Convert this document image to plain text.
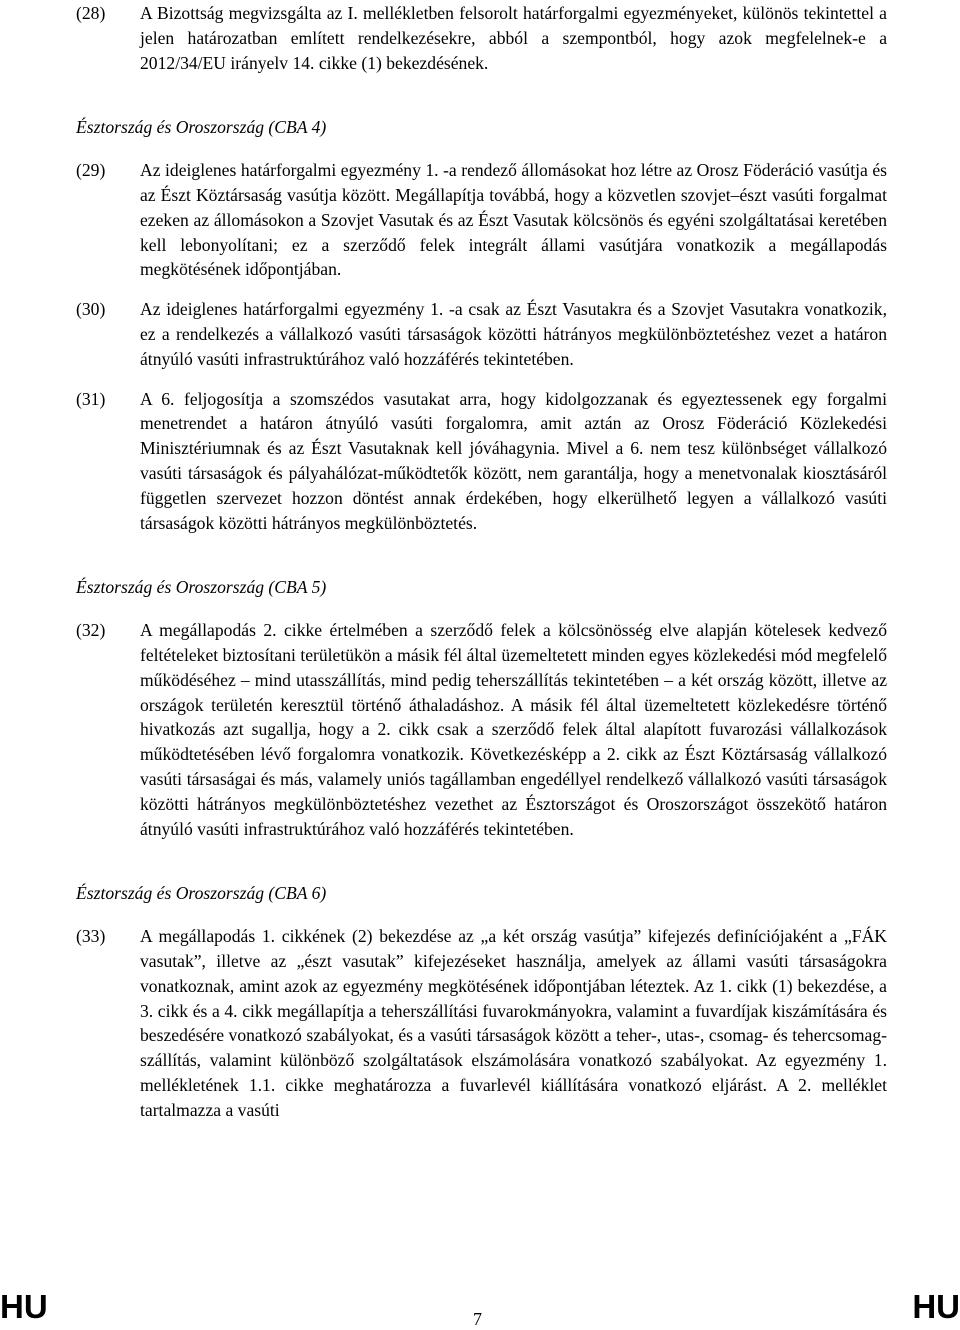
(28)	A Bizottság megvizsgálta az I. mellékletben felsorolt határforgalmi egyezményeket, különös tekintettel a jelen határozatban említett rendelkezésekre, abból a szempontból, hogy azok megfelelnek-e a 2012/34/EU irányelv 14. cikke (1) bekezdésének.
Észtország és Oroszország (CBA 4)
(29)	Az ideiglenes határforgalmi egyezmény 1. -a rendező állomásokat hoz létre az Orosz Föderáció vasútja és az Észt Köztársaság vasútja között. Megállapítja továbbá, hogy a közvetlen szovjet–észt vasúti forgalmat ezeken az állomásokon a Szovjet Vasutak és az Észt Vasutak kölcsönös és egyéni szolgáltatásai keretében kell lebonyolítani; ez a szerződő felek integrált állami vasútjára vonatkozik a megállapodás megkötésének időpontjában.
(30)	Az ideiglenes határforgalmi egyezmény 1. -a csak az Észt Vasutakra és a Szovjet Vasutakra vonatkozik, ez a rendelkezés a vállalkozó vasúti társaságok közötti hátrányos megkülönböztetéshez vezet a határon átnyúló vasúti infrastruktúrához való hozzáférés tekintetében.
(31)	A 6. feljogosítja a szomszédos vasutakat arra, hogy kidolgozzanak és egyeztessenek egy forgalmi menetrendet a határon átnyúló vasúti forgalomra, amit aztán az Orosz Föderáció Közlekedési Minisztériumnak és az Észt Vasutaknak kell jóváhagynia. Mivel a 6. nem tesz különbséget vállalkozó vasúti társaságok és pályahálózat-működtetők között, nem garantálja, hogy a menetvonalak kiosztásáról független szervezet hozzon döntést annak érdekében, hogy elkerülhető legyen a vállalkozó vasúti társaságok közötti hátrányos megkülönböztetés.
Észtország és Oroszország (CBA 5)
(32)	A megállapodás 2. cikke értelmében a szerződő felek a kölcsönösség elve alapján kötelesek kedvező feltételeket biztosítani területükön a másik fél által üzemeltetett minden egyes közlekedési mód megfelelő működéséhez – mind utasszállítás, mind pedig teherszállítás tekintetében – a két ország között, illetve az országok területén keresztül történő áthaladáshoz. A másik fél által üzemeltetett közlekedésre történő hivatkozás azt sugallja, hogy a 2. cikk csak a szerződő felek által alapított fuvarozási vállalkozások működtetésében lévő forgalomra vonatkozik. Következésképp a 2. cikk az Észt Köztársaság vállalkozó vasúti társaságai és más, valamely uniós tagállamban engedéllyel rendelkező vállalkozó vasúti társaságok közötti hátrányos megkülönböztetéshez vezethet az Észtországot és Oroszországot összekötő határon átnyúló vasúti infrastruktúrához való hozzáférés tekintetében.
Észtország és Oroszország (CBA 6)
(33)	A megállapodás 1. cikkének (2) bekezdése az „a két ország vasútja” kifejezés definíciójaként a „FÁK vasutak”, illetve az „észt vasutak” kifejezéseket használja, amelyek az állami vasúti társaságokra vonatkoznak, amint azok az egyezmény megkötésének időpontjában léteztek. Az 1. cikk (1) bekezdése, a 3. cikk és a 4. cikk megállapítja a teherszállítási fuvarokmányokra, valamint a fuvardíjak kiszámítására és beszedésére vonatkozó szabályokat, és a vasúti társaságok között a teher-, utas-, csomag- és tehercsomag-szállítás, valamint különböző szolgáltatások elszámolására vonatkozó szabályokat. Az egyezmény 1. mellékletének 1.1. cikke meghatározza a fuvarlevél kiállítására vonatkozó eljárást. A 2. melléklet tartalmazza a vasúti
HU	7	HU
